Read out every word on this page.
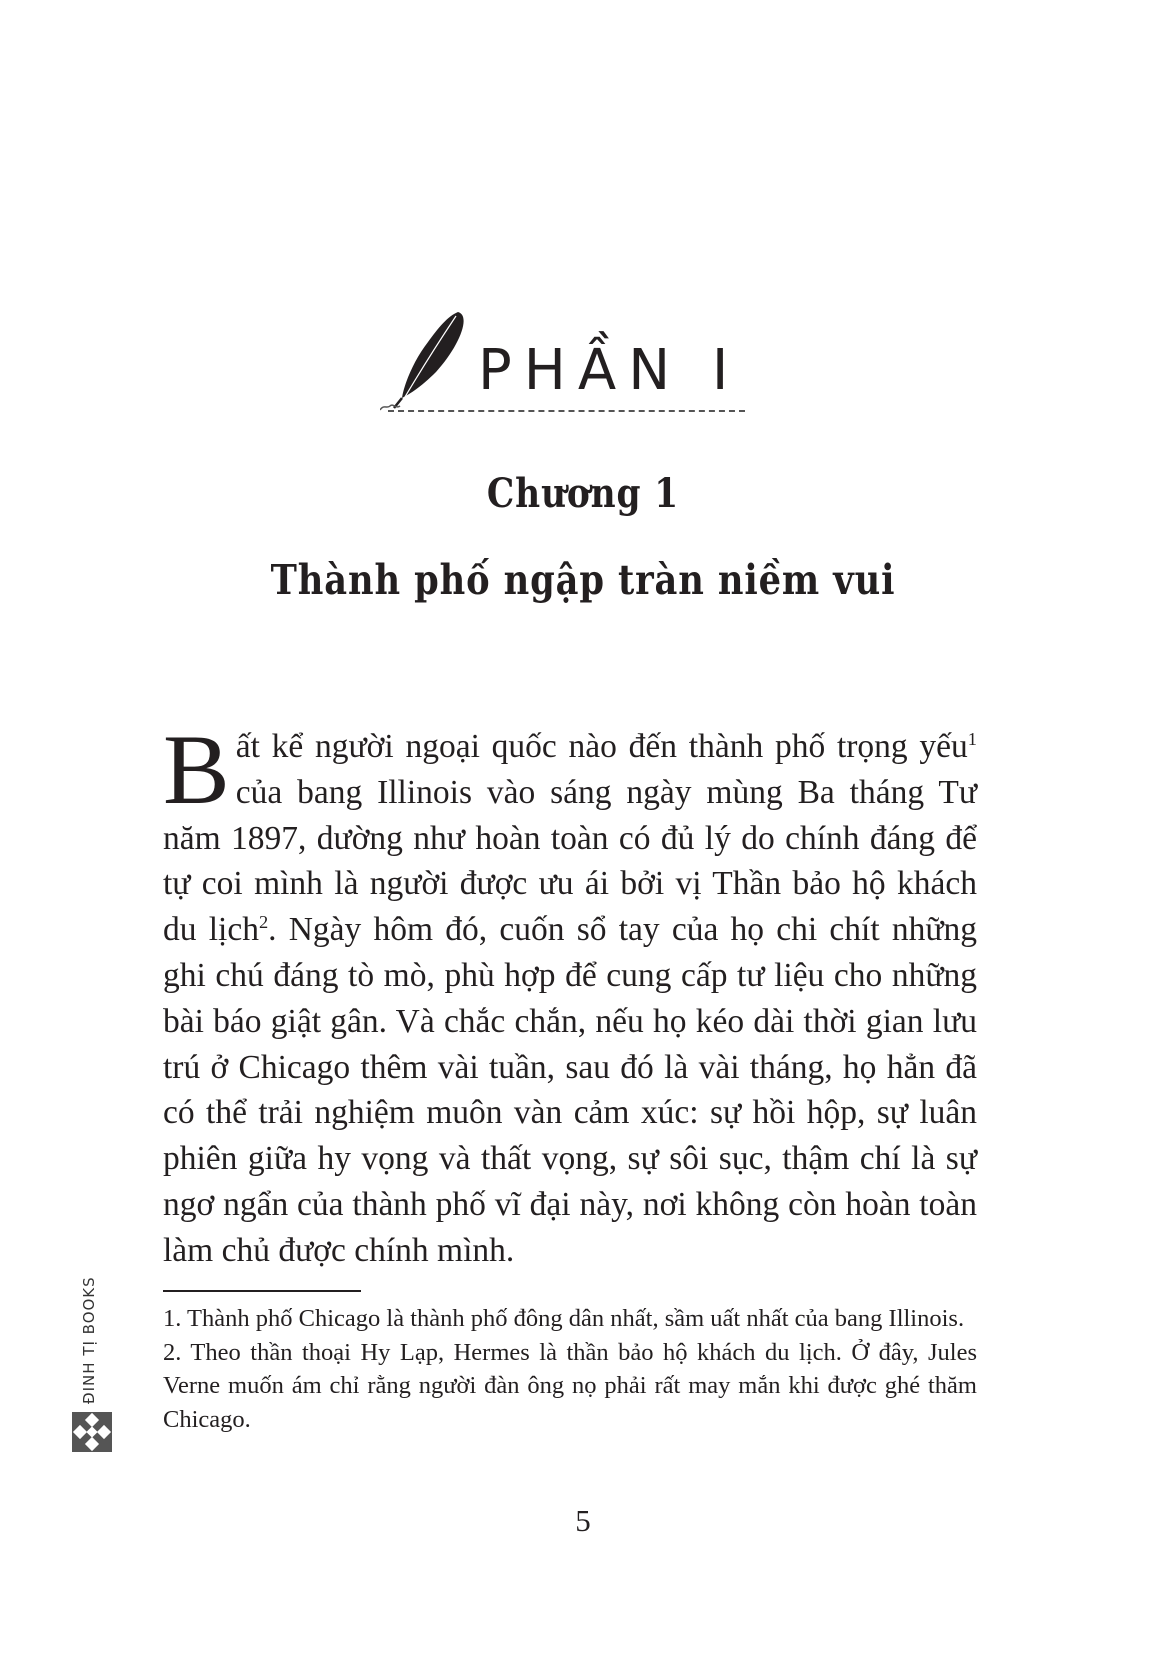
PHẦN I
Chương 1
Thành phố ngập tràn niềm vui

Bất kể người ngoại quốc nào đến thành phố trọng yếu$^1$ của bang Illinois vào sáng ngày mùng Ba tháng Tư năm 1897, dường như hoàn toàn có đủ lý do chính đáng để tự coi mình là người được ưu ái bởi vị Thần bảo hộ khách du lịch$^2$. Ngày hôm đó, cuốn sổ tay của họ chi chít những ghi chú đáng tò mò, phù hợp để cung cấp tư liệu cho những bài báo giật gân. Và chắc chắn, nếu họ kéo dài thời gian lưu trú ở Chicago thêm vài tuần, sau đó là vài tháng, họ hẳn đã có thể trải nghiệm muôn vàn cảm xúc: sự hồi hộp, sự luân phiên giữa hy vọng và thất vọng, sự sôi sục, thậm chí là sự ngơ ngẩn của thành phố vĩ đại này, nơi không còn hoàn toàn làm chủ được chính mình.

1. Thành phố Chicago là thành phố đông dân nhất, sầm uất nhất của bang Illinois.

2. Theo thần thoại Hy Lạp, Hermes là thần bảo hộ khách du lịch. Ở đây, Jules Verne muốn ám chỉ rằng người đàn ông nọ phải rất may mắn khi được ghé thăm Chicago.

5
ĐINH TỊ BOOKS
